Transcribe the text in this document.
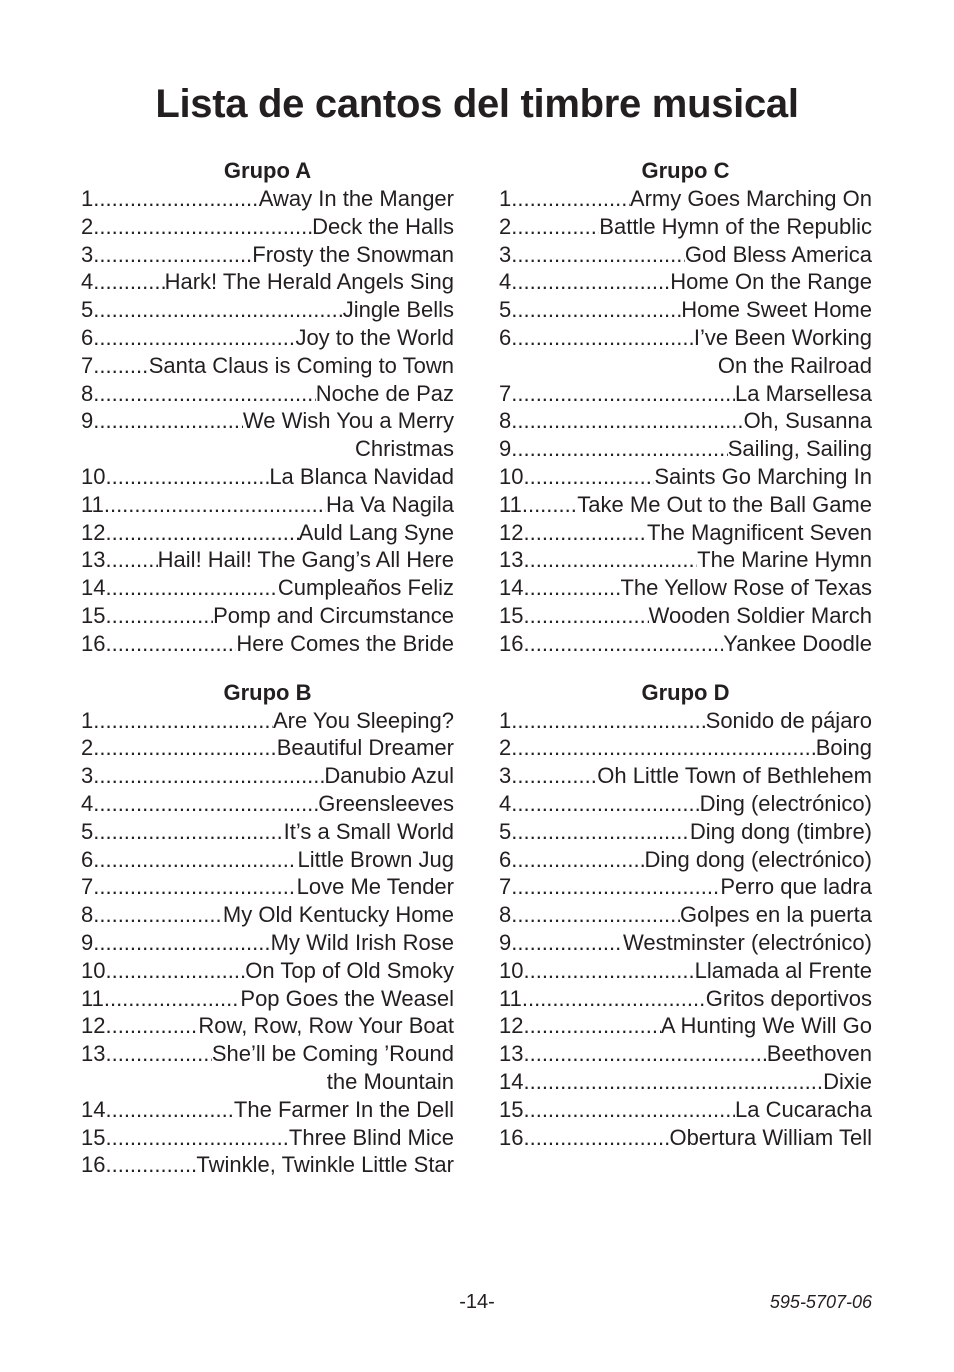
Lista de cantos del timbre musical
Grupo A
1 .....	Away In the Manger
2 .....	Deck the Halls
3 .....	Frosty the Snowman
4 .....	Hark! The Herald Angels Sing
5 .....	Jingle Bells
6 .....	Joy to the World
7 .....	Santa Claus is Coming to Town
8 .....	Noche de Paz
9 .....	We Wish You a Merry
Christmas
10 .....	La Blanca Navidad
11 .....	Ha Va Nagila
12 .....	Auld Lang Syne
13 ..... Hail! Hail! The Gang’s All Here
14 .....	Cumpleaños Feliz
15 .....	Pomp and Circumstance
16 .....	Here Comes the Bride
Grupo B
1 .....	Are You Sleeping?
2 .....	Beautiful Dreamer
3 .....	Danubio Azul
4 .....	Greensleeves
5 .....	It’s a Small World
6 .....	Little Brown Jug
7 .....	Love Me Tender
8 .....	My Old Kentucky Home
9 .....	My Wild Irish Rose
10 .....	On Top of Old Smoky
11 .....	Pop Goes the Weasel
12 .....	Row, Row, Row Your Boat
13 .....	She’ll be Coming ’Round
the Mountain
14 .....	The Farmer In the Dell
15 .....	Three Blind Mice
16 .....	Twinkle, Twinkle Little Star
Grupo C
1 .....	Army Goes Marching On
2 .....	Battle Hymn of the Republic
3 .....	God Bless America
4 .....	Home On the Range
5 .....	Home Sweet Home
6 .....	I’ve Been Working
On the Railroad
7 .....	La Marsellesa
8 .....	Oh, Susanna
9 .....	Sailing, Sailing
10 .....	Saints Go Marching In
11 .....	Take Me Out to the Ball Game
12 .....	The Magnificent Seven
13 .....	The Marine Hymn
14 .....	The Yellow Rose of Texas
15 .....	Wooden Soldier March
16 .....	Yankee Doodle
Grupo D
1 .....	Sonido de pájaro
2 .....	Boing
3 .....	Oh Little Town of Bethlehem
4 .....	Ding (electrónico)
5 .....	Ding dong (timbre)
6 .....	Ding dong (electrónico)
7 .....	Perro que ladra
8 .....	Golpes en la puerta
9 .....	Westminster (electrónico)
10 .....	Llamada al Frente
11 .....	Gritos deportivos
12 .....	A Hunting We Will Go
13 .....	Beethoven
14 .....	Dixie
15 .....	La Cucaracha
16 .....	Obertura William Tell
-14-	595-5707-06
